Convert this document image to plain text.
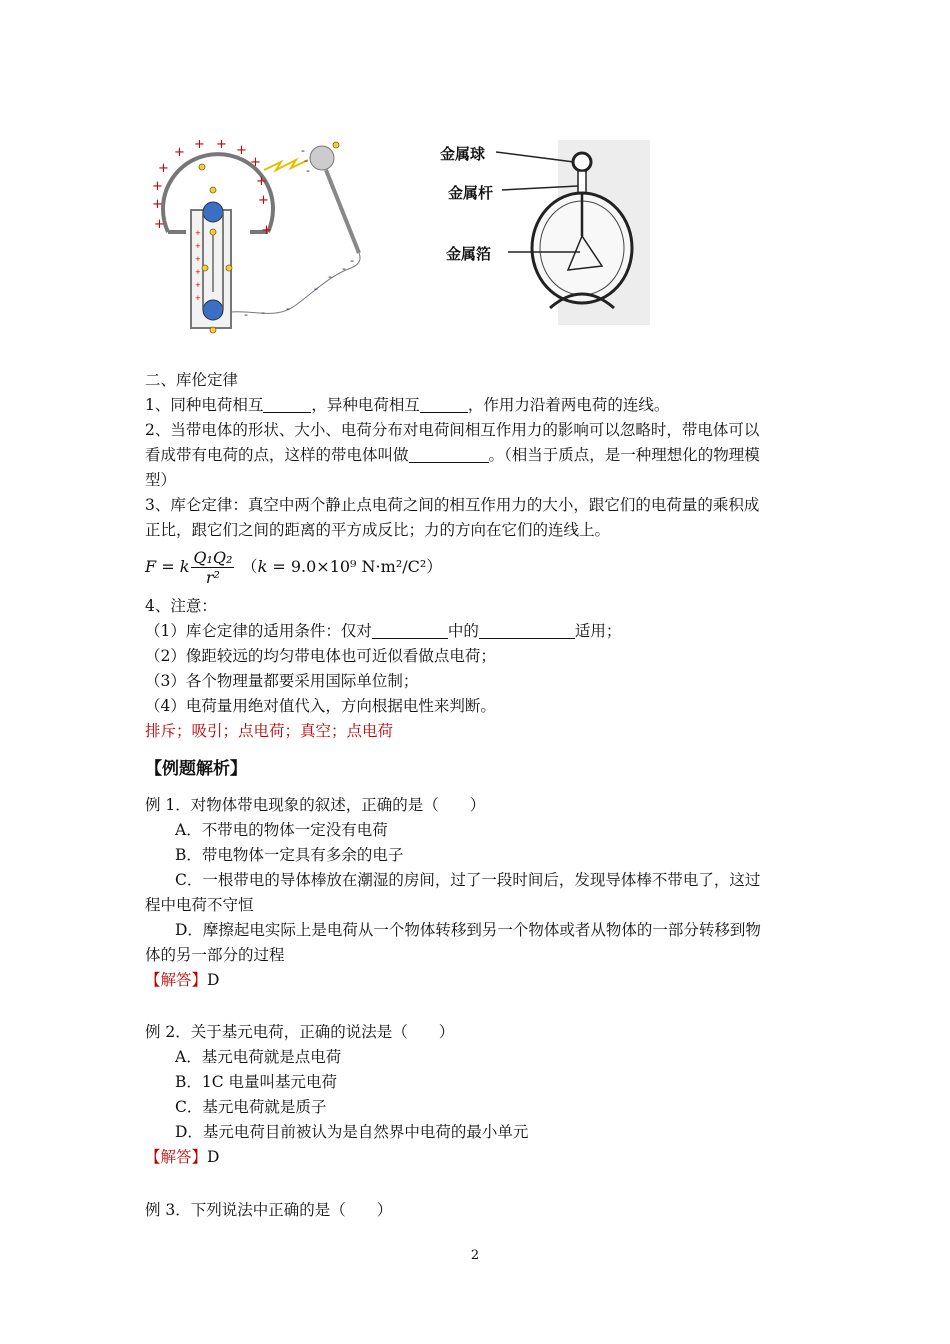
+
+
+
+
+
+
+
+ + +
+	+
+	+
+	+
+	+
-
-
-
- - -
-
-
-
-
金属球
金属杆
金属箔
二、库伦定律
1、同种电荷相互	，异种电荷相互	，作用力沿着两电荷的连线。
2、当带电体的形状、大小、电荷分布对电荷间相互作用力的影响可以忽略时，带电体可以
看成带有电荷的点，这样的带电体叫做	。（相当于质点，是一种理想化的物理模
型）
3、库仑定律：真空中两个静止点电荷之间的相互作用力的大小，跟它们的电荷量的乘积成
正比，跟它们之间的距离的平方成反比；力的方向在它们的连线上。
F = k $\frac{\text{Q₁Q₂}}{\text{r²}} (k = 9.0\times 10^9$ N·m²/C²）
4、注意：
（1）库仑定律的适用条件：仅对	中的	适用；
（2）像距较远的均匀带电体也可近似看做点电荷；
（3）各个物理量都要采用国际单位制；
（4）电荷量用绝对值代入，方向根据电性来判断。
排斥；吸引；点电荷；真空；点电荷
【例题解析】
例 1．对物体带电现象的叙述，正确的是（　　）
A．不带电的物体一定没有电荷
B．带电物体一定具有多余的电子
C．一根带电的导体棒放在潮湿的房间，过了一段时间后，发现导体棒不带电了，这过
程中电荷不守恒
D．摩擦起电实际上是电荷从一个物体转移到另一个物体或者从物体的一部分转移到物
体的另一部分的过程
【解答】D
例 2．关于基元电荷，正确的说法是（　　）
A．基元电荷就是点电荷
B．1C 电量叫基元电荷
C．基元电荷就是质子
D．基元电荷目前被认为是自然界中电荷的最小单元
【解答】D
例 3．下列说法中正确的是（　　）
2
